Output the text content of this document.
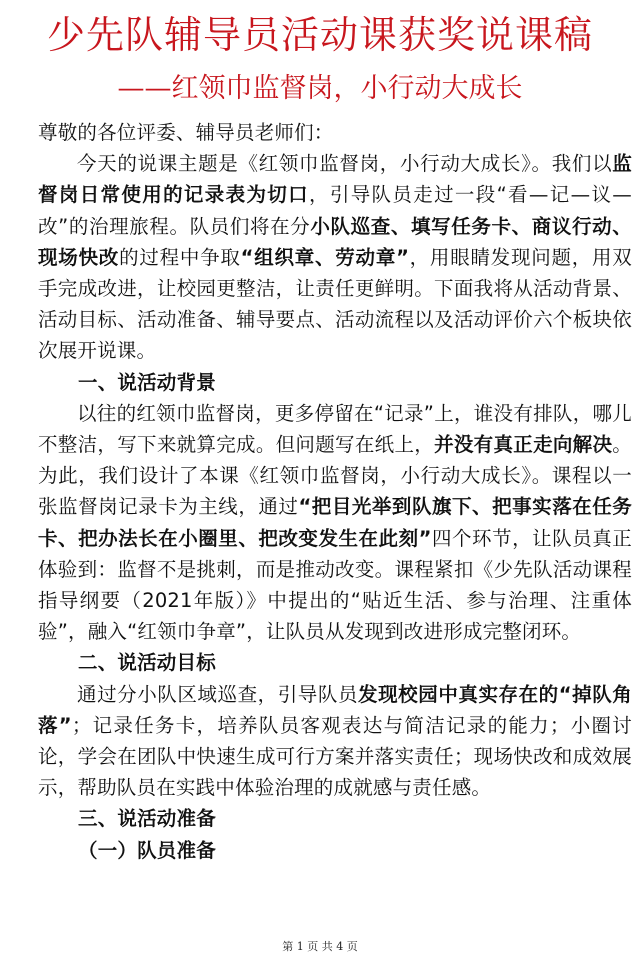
少先队辅导员活动课获奖说课稿
——红领巾监督岗，小行动大成长

尊敬的各位评委、辅导员老师们：

今天的说课主题是《红领巾监督岗，小行动大成长》。我们以监督岗日常使用的记录表为切口，引导队员走过一段“看—记—议—改”的治理旅程。队员们将在分小队巡查、填写任务卡、商议行动、现场快改的过程中争取“组织章、劳动章”，用眼睛发现问题，用双手完成改进，让校园更整洁，让责任更鲜明。下面我将从活动背景、活动目标、活动准备、辅导要点、活动流程以及活动评价六个板块依次展开说课。

一、说活动背景

以往的红领巾监督岗，更多停留在“记录”上，谁没有排队，哪儿不整洁，写下来就算完成。但问题写在纸上，并没有真正走向解决。为此，我们设计了本课《红领巾监督岗，小行动大成长》。课程以一张监督岗记录卡为主线，通过“把目光举到队旗下、把事实落在任务卡、把办法长在小圈里、把改变发生在此刻”四个环节，让队员真正体验到：监督不是挑刺，而是推动改变。课程紧扣《少先队活动课程指导纲要（2021年版）》中提出的“贴近生活、参与治理、注重体验”，融入“红领巾争章”，让队员从发现到改进形成完整闭环。

二、说活动目标

通过分小队区域巡查，引导队员发现校园中真实存在的“掉队角落”；记录任务卡，培养队员客观表达与简洁记录的能力；小圈讨论，学会在团队中快速生成可行方案并落实责任；现场快改和成效展示，帮助队员在实践中体验治理的成就感与责任感。

三、说活动准备

（一）队员准备

第 1 页 共 4 页
